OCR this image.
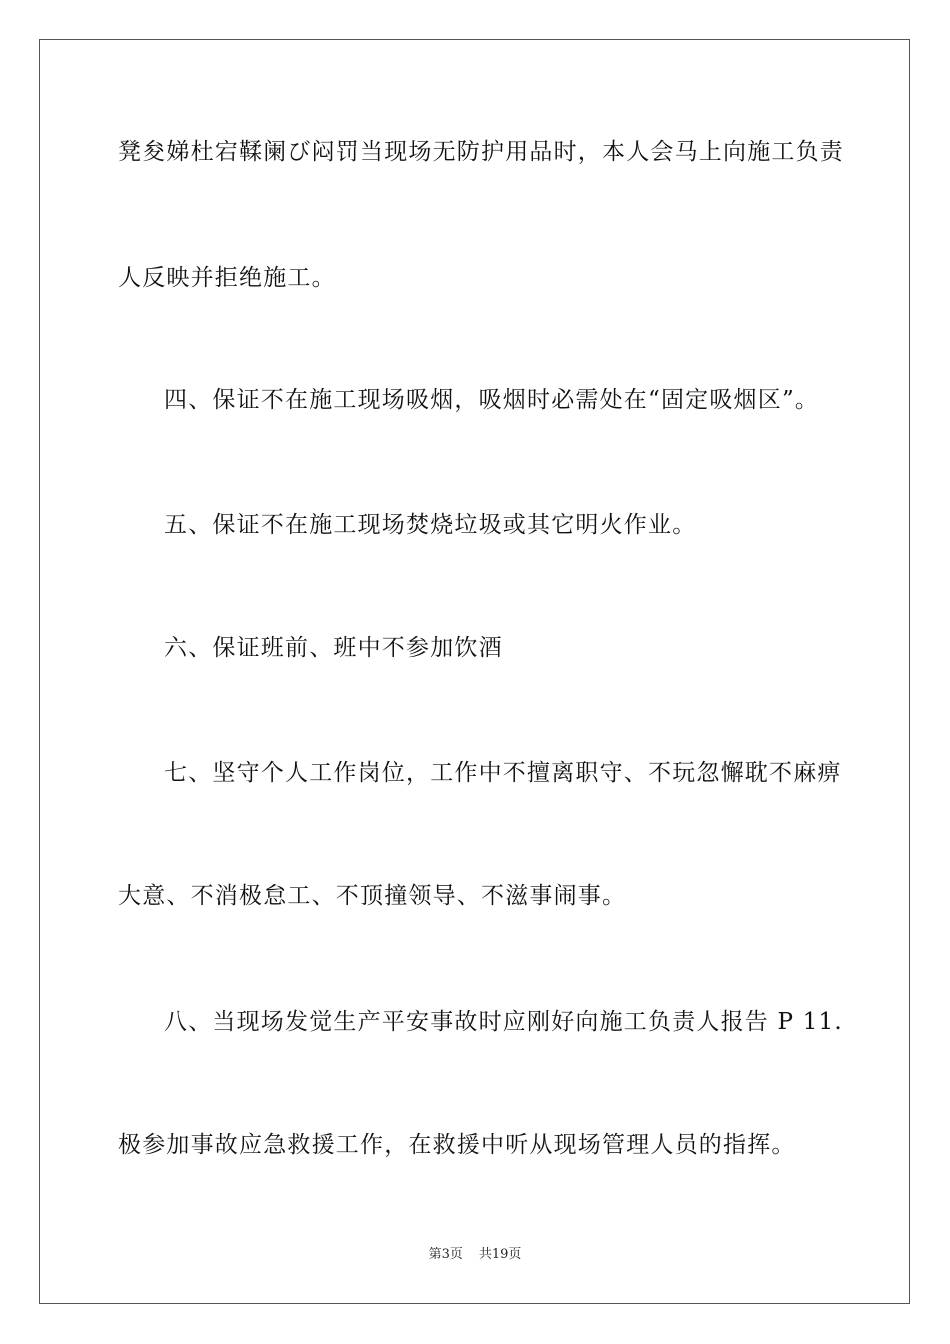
凳夋娣杜宕鞣阑び闷罚当现场无防护用品时，本人会马上向施工负责
人反映并拒绝施工。
四、保证不在施工现场吸烟，吸烟时必需处在“固定吸烟区”。
五、保证不在施工现场焚烧垃圾或其它明火作业。
六、保证班前、班中不参加饮酒
七、坚守个人工作岗位，工作中不擅离职守、不玩忽懈耽不麻痹
大意、不消极怠工、不顶撞领导、不滋事闹事。
八、当现场发觉生产平安事故时应刚好向施工负责人报告 P 11.
极参加事故应急救援工作，在救援中听从现场管理人员的指挥。
第3页 共19页
